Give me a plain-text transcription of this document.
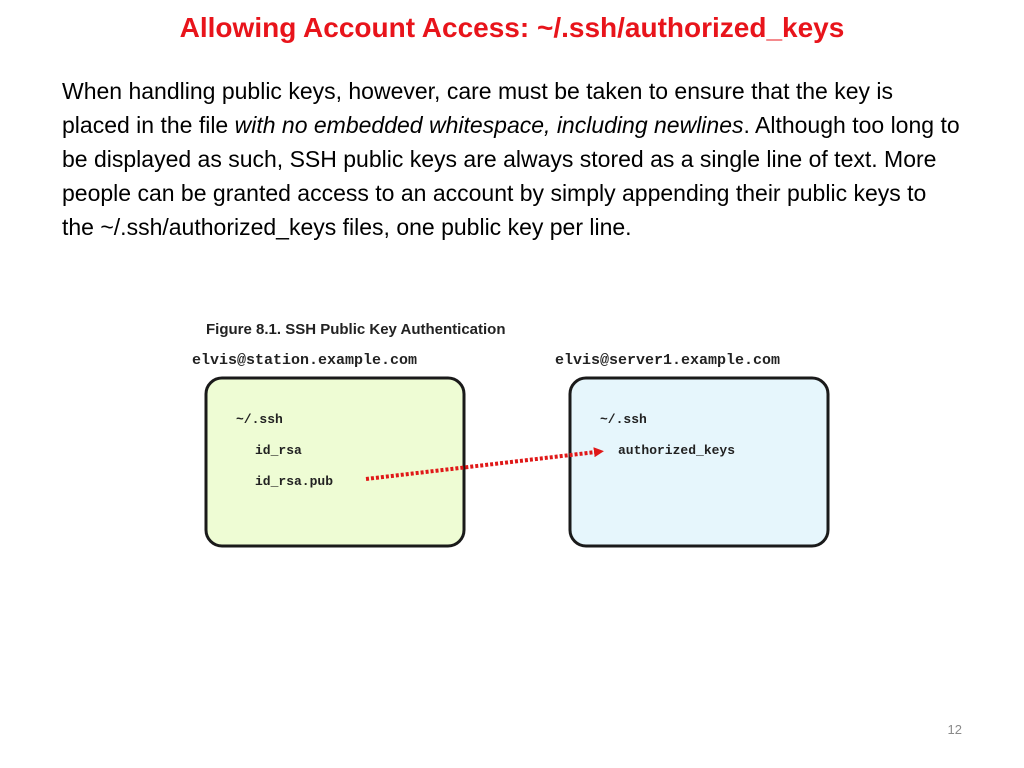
Allowing Account Access: ~/.ssh/authorized_keys

When handling public keys, however, care must be taken to ensure that the key is placed in the file with no embedded whitespace, including newlines. Although too long to be displayed as such, SSH public keys are always stored as a single line of text. More people can be granted access to an account by simply appending their public keys to the ~/.ssh/authorized_keys files, one public key per line.

Figure 8.1. SSH Public Key Authentication
elvis@station.example.com	elvis@server1.example.com
~/.ssh
id_rsa
id_rsa.pub
~/.ssh
authorized_keys

12
